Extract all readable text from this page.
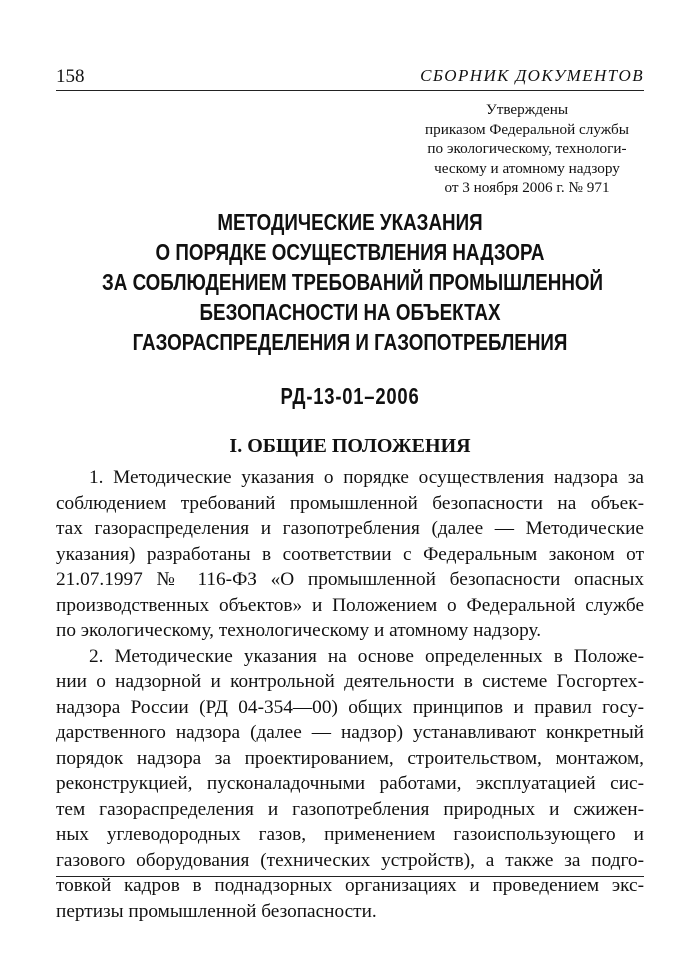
158	СБОРНИК ДОКУМЕНТОВ
Утверждены
приказом Федеральной службы
по экологическому, технологи-
ческому и атомному надзору
от 3 ноября 2006 г. № 971
МЕТОДИЧЕСКИЕ УКАЗАНИЯ
О ПОРЯДКЕ ОСУЩЕСТВЛЕНИЯ НАДЗОРА
ЗА СОБЛЮДЕНИЕМ ТРЕБОВАНИЙ ПРОМЫШЛЕННОЙ
БЕЗОПАСНОСТИ НА ОБЪЕКТАХ
ГАЗОРАСПРЕДЕЛЕНИЯ И ГАЗОПОТРЕБЛЕНИЯ
РД-13-01–2006
I. ОБЩИЕ ПОЛОЖЕНИЯ
1. Методические указания о порядке осуществления надзора за
соблюдением требований промышленной безопасности на объек-
тах газораспределения и газопотребления (далее — Методические
указания) разработаны в соответствии с Федеральным законом от
21.07.1997 № 116-ФЗ «О промышленной безопасности опасных
производственных объектов» и Положением о Федеральной службе
по экологическому, технологическому и атомному надзору.
2. Методические указания на основе определенных в Положе-
нии о надзорной и контрольной деятельности в системе Госгортех-
надзора России (РД 04-354—00) общих принципов и правил госу-
дарственного надзора (далее — надзор) устанавливают конкретный
порядок надзора за проектированием, строительством, монтажом,
реконструкцией, пусконаладочными работами, эксплуатацией сис-
тем газораспределения и газопотребления природных и сжижен-
ных углеводородных газов, применением газоиспользующего и
газового оборудования (технических устройств), а также за подго-
товкой кадров в поднадзорных организациях и проведением экс-
пертизы промышленной безопасности.
